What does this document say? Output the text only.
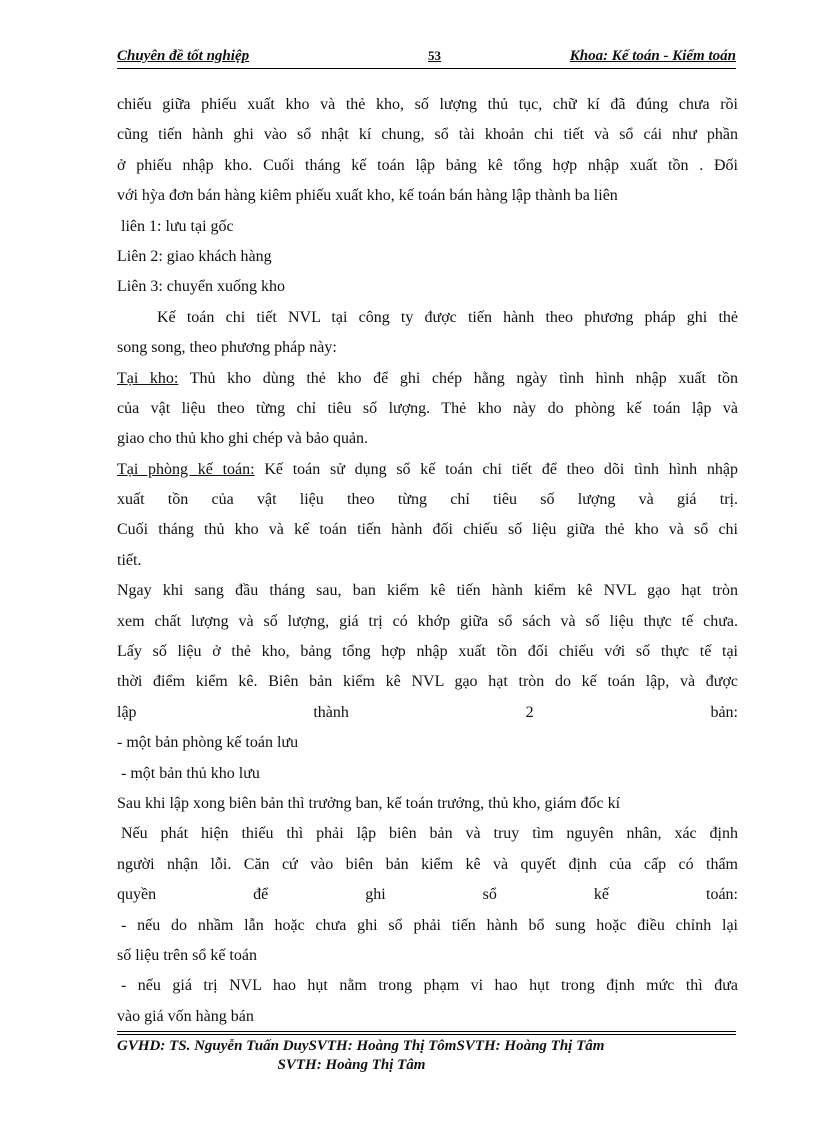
Chuyên đề tốt nghiệp	53	Khoa: Kế toán - Kiểm toán
chiếu giữa phiếu xuất kho và thẻ kho, số lượng thủ tục, chữ kí đã đúng chưa rồi
cũng tiến hành ghi vào sổ nhật kí chung, sổ tài khoản chi tiết và sổ cái như phần
ở phiếu nhập kho. Cuối tháng kế toán lập bảng kê tổng hợp nhập xuất tồn . Đối
với hỳa đơn bán hàng kiêm phiếu xuất kho, kế toán bán hàng lập thành ba liên
liên 1: lưu tại gốc
Liên 2: giao khách hàng
Liên 3: chuyển xuống kho
Kế toán chi tiết NVL tại công ty được tiến hành theo phương pháp ghi thẻ
song song, theo phương pháp này:
Tại kho: Thủ kho dùng thẻ kho để ghi chép hằng ngày tình hình nhập xuất tồn
của vật liệu theo từng chỉ tiêu số lượng. Thẻ kho này do phòng kế toán lập và
giao cho thủ kho ghi chép và bảo quản.
Tại phòng kế toán: Kế toán sử dụng sổ kế toán chi tiết để theo dõi tình hình nhập
xuất tồn của vật liệu theo từng chỉ tiêu số lượng và giá trị.
Cuối tháng thủ kho và kế toán tiến hành đối chiếu số liệu giữa thẻ kho và sổ chi
tiết.
Ngay khi sang đầu tháng sau, ban kiểm kê tiến hành kiểm kê NVL gạo hạt tròn
xem chất lượng và số lượng, giá trị có khớp giữa sổ sách và số liệu thực tế chưa.
Lấy số liệu ở thẻ kho, bảng tổng hợp nhập xuất tồn đối chiếu với số thực tế tại
thời điểm kiểm kê. Biên bản kiểm kê NVL gạo hạt tròn do kế toán lập, và được
lập thành 2 bản:
- một bản phòng kế toán lưu
- một bản thủ kho lưu
Sau khi lập xong biên bản thì trưởng ban, kế toán trưởng, thủ kho, giám đốc kí
Nếu phát hiện thiếu thì phải lập biên bản và truy tìm nguyên nhân, xác định
người nhận lỗi. Căn cứ vào biên bản kiểm kê và quyết định của cấp có thẩm
quyền để ghi sổ kế toán:
- nếu do nhầm lẫn hoặc chưa ghi sổ phải tiến hành bổ sung hoặc điều chỉnh lại
số liệu trên sổ kế toán
- nếu giá trị NVL hao hụt nằm trong phạm vi hao hụt trong định mức thì đưa
vào giá vốn hàng bán
GVHD: TS. Nguyễn Tuấn DuySVTH: Hoàng Thị TômSVTH: Hoàng Thị Tâm
SVTH: Hoàng Thị Tâm
